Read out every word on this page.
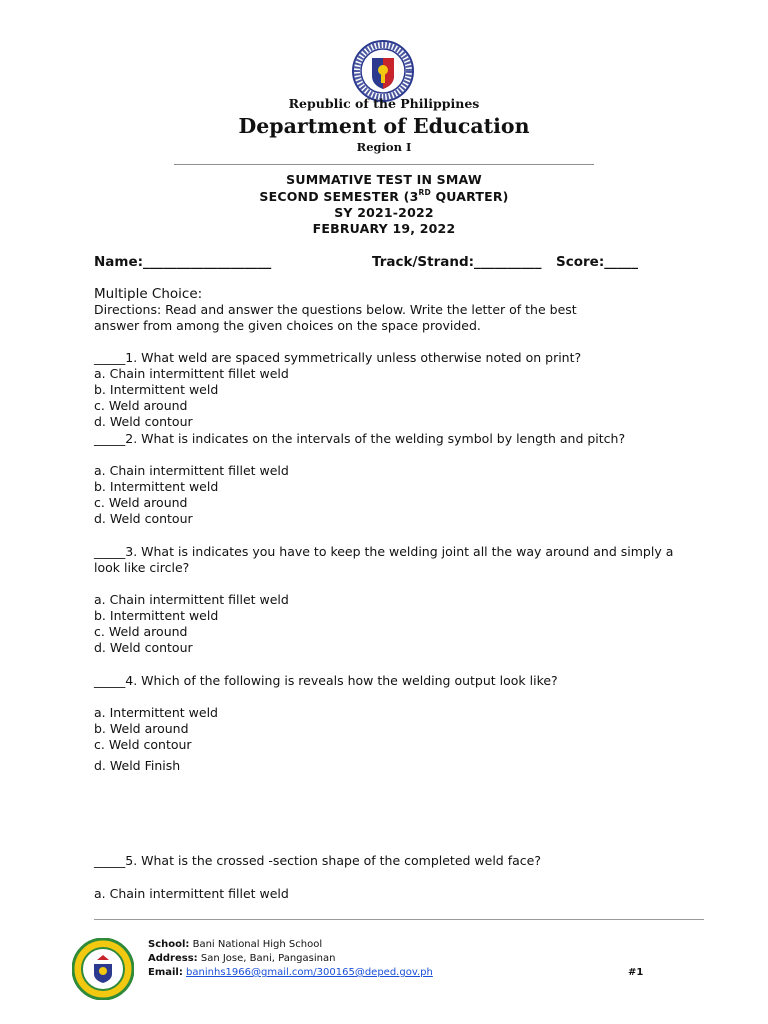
Republic of the Philippines
Department of Education
Region I
______________________________________________________________________
SUMMATIVE TEST IN SMAW
SECOND SEMESTER (3RD QUARTER)
SY 2021-2022
FEBRUARY 19, 2022
Name:___________________	Track/Strand:__________ Score:_____
Multiple Choice:
Directions: Read and answer the questions below. Write the letter of the best
answer from among the given choices on the space provided.
_____1. What weld are spaced symmetrically unless otherwise noted on print?
a. Chain intermittent fillet weld
b. Intermittent weld
c. Weld around
d. Weld contour
_____2. What is indicates on the intervals of the welding symbol by length and pitch?
a. Chain intermittent fillet weld
b. Intermittent weld
c. Weld around
d. Weld contour
_____3. What is indicates you have to keep the welding joint all the way around and simply a
look like circle?
a. Chain intermittent fillet weld
b. Intermittent weld
c. Weld around
d. Weld contour
_____4. Which of the following is reveals how the welding output look like?
a. Intermittent weld
b. Weld around
c. Weld contour
d. Weld Finish
_____5. What is the crossed -section shape of the completed weld face?
a. Chain intermittent fillet weld
School: Bani National High School
Address: San Jose, Bani, Pangasinan
Email: baninhs1966@gmail.com/300165@deped.gov.ph	#1
